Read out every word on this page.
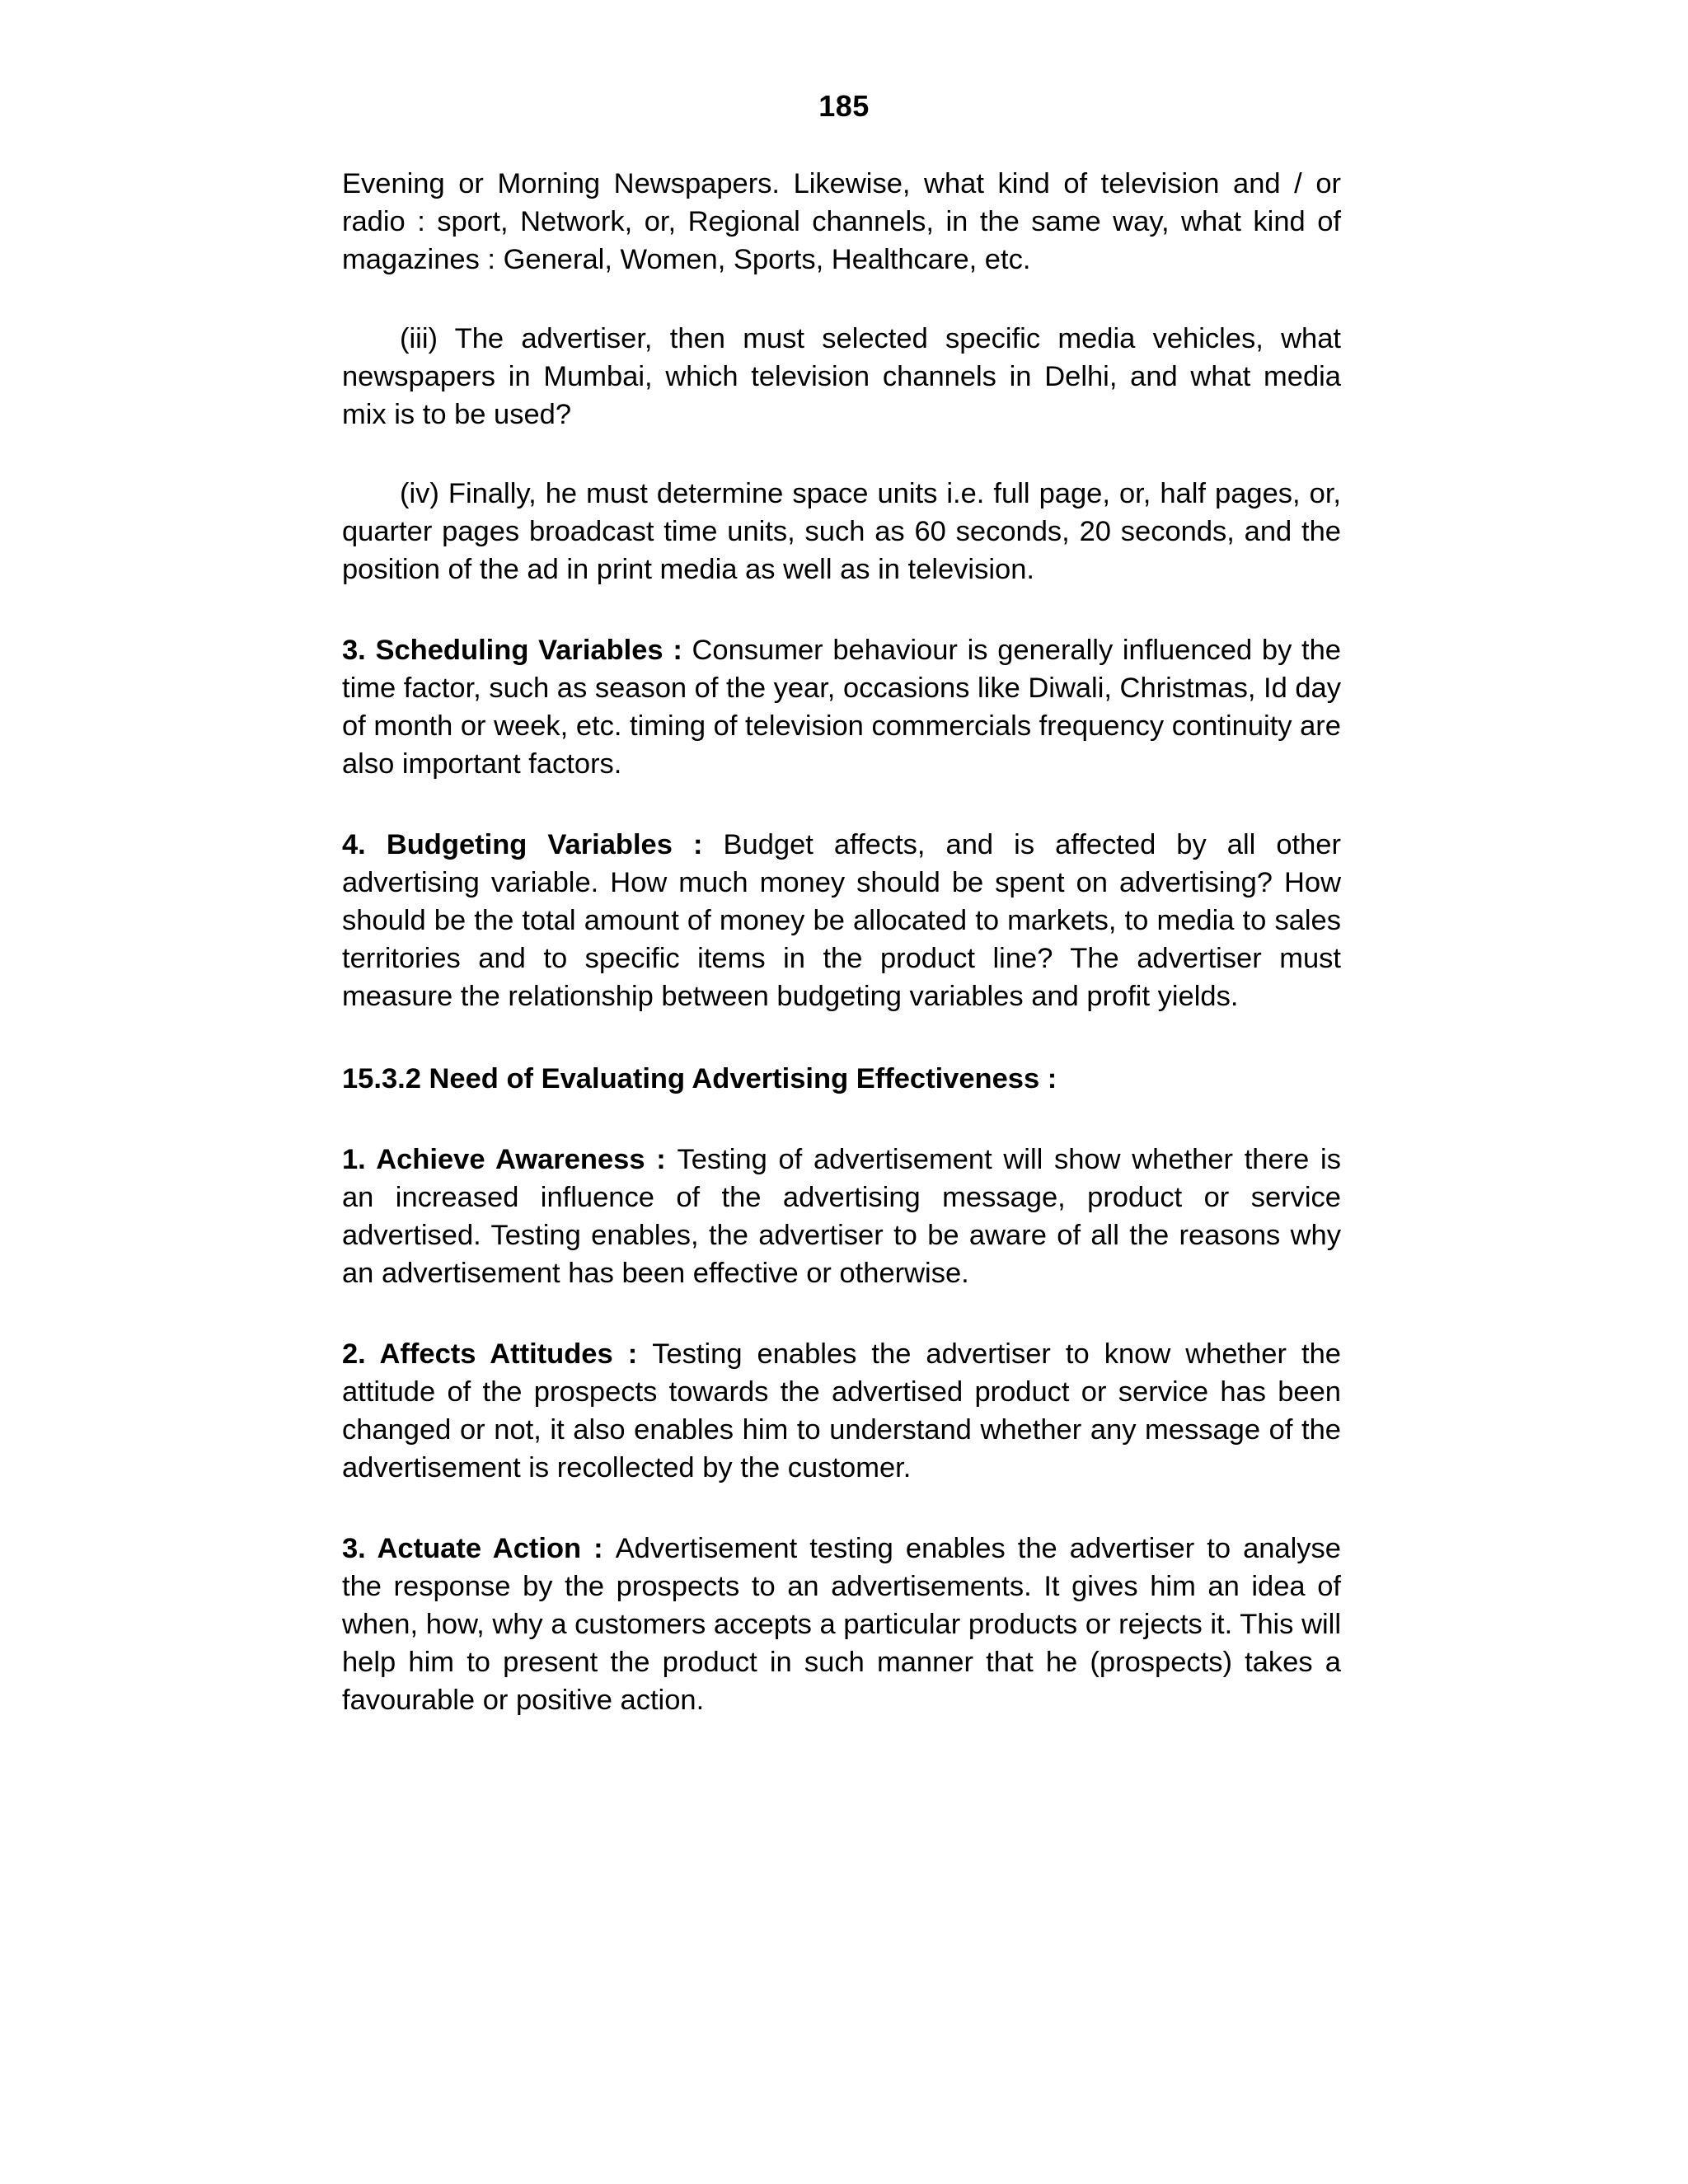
185

Evening or Morning Newspapers. Likewise, what kind of television and / or radio : sport, Network, or, Regional channels, in the same way, what kind of magazines : General, Women, Sports, Healthcare, etc.

(iii) The advertiser, then must selected specific media vehicles, what newspapers in Mumbai, which television channels in Delhi, and what media mix is to be used?

(iv) Finally, he must determine space units i.e. full page, or, half pages, or, quarter pages broadcast time units, such as 60 seconds, 20 seconds, and the position of the ad in print media as well as in television.

3. Scheduling Variables : Consumer behaviour is generally influenced by the time factor, such as season of the year, occasions like Diwali, Christmas, Id day of month or week, etc. timing of television commercials frequency continuity are also important factors.

4. Budgeting Variables : Budget affects, and is affected by all other advertising variable. How much money should be spent on advertising? How should be the total amount of money be allocated to markets, to media to sales territories and to specific items in the product line? The advertiser must measure the relationship between budgeting variables and profit yields.

15.3.2 Need of Evaluating Advertising Effectiveness :

1. Achieve Awareness : Testing of advertisement will show whether there is an increased influence of the advertising message, product or service advertised. Testing enables, the advertiser to be aware of all the reasons why an advertisement has been effective or otherwise.

2. Affects Attitudes : Testing enables the advertiser to know whether the attitude of the prospects towards the advertised product or service has been changed or not, it also enables him to understand whether any message of the advertisement is recollected by the customer.

3. Actuate Action : Advertisement testing enables the advertiser to analyse the response by the prospects to an advertisements. It gives him an idea of when, how, why a customers accepts a particular products or rejects it. This will help him to present the product in such manner that he (prospects) takes a favourable or positive action.
